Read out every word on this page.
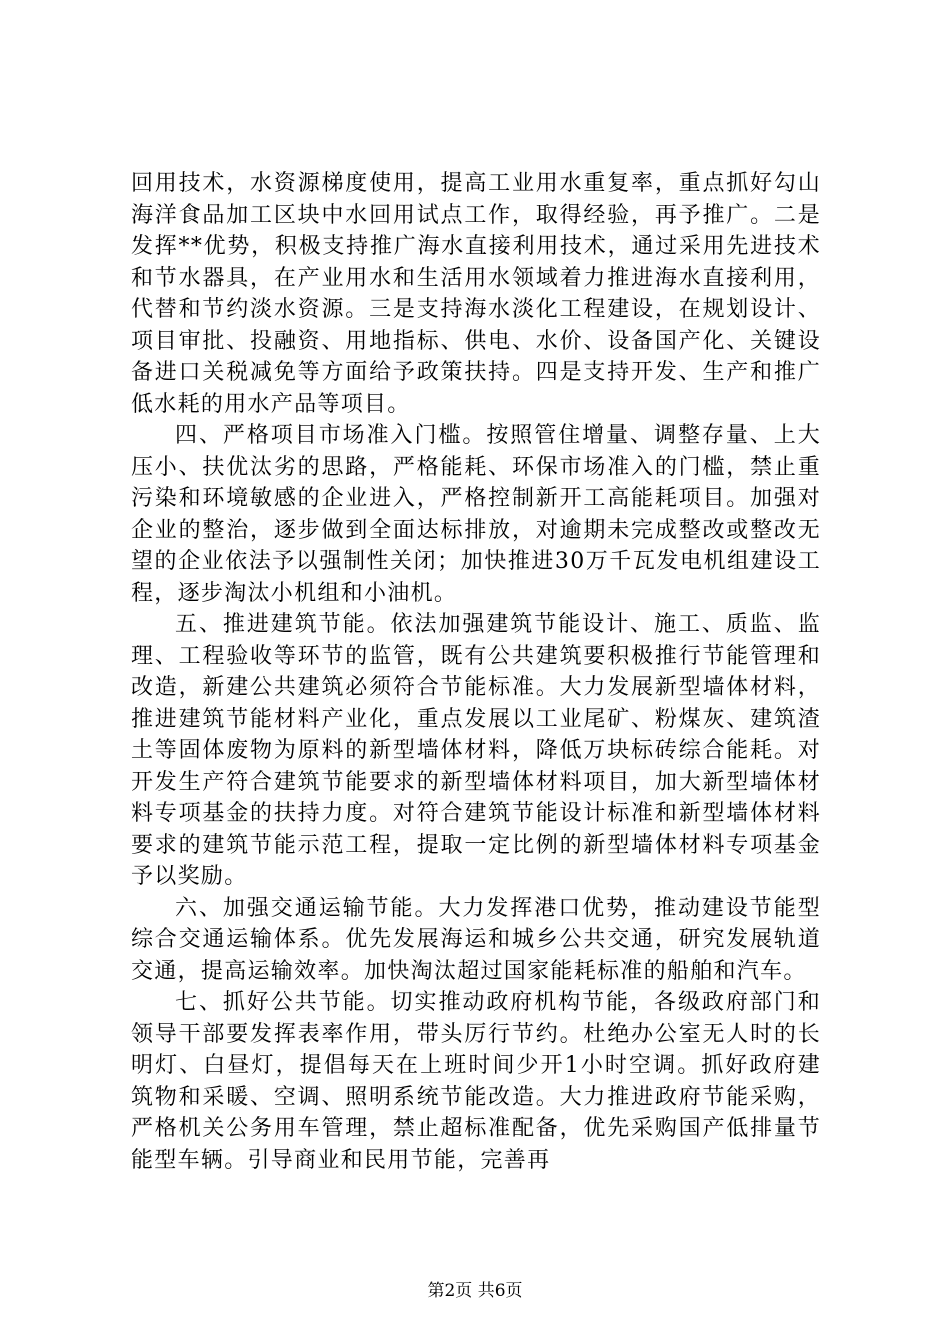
回用技术，水资源梯度使用，提高工业用水重复率，重点抓好勾山海洋食品加工区块中水回用试点工作，取得经验，再予推广。二是发挥**优势，积极支持推广海水直接利用技术，通过采用先进技术和节水器具，在产业用水和生活用水领域着力推进海水直接利用，代替和节约淡水资源。三是支持海水淡化工程建设，在规划设计、项目审批、投融资、用地指标、供电、水价、设备国产化、关键设备进口关税减免等方面给予政策扶持。四是支持开发、生产和推广低水耗的用水产品等项目。

四、严格项目市场准入门槛。按照管住增量、调整存量、上大压小、扶优汰劣的思路，严格能耗、环保市场准入的门槛，禁止重污染和环境敏感的企业进入，严格控制新开工高能耗项目。加强对企业的整治，逐步做到全面达标排放，对逾期未完成整改或整改无望的企业依法予以强制性关闭；加快推进30万千瓦发电机组建设工程，逐步淘汰小机组和小油机。

五、推进建筑节能。依法加强建筑节能设计、施工、质监、监理、工程验收等环节的监管，既有公共建筑要积极推行节能管理和改造，新建公共建筑必须符合节能标准。大力发展新型墙体材料，推进建筑节能材料产业化，重点发展以工业尾矿、粉煤灰、建筑渣土等固体废物为原料的新型墙体材料，降低万块标砖综合能耗。对开发生产符合建筑节能要求的新型墙体材料项目，加大新型墙体材料专项基金的扶持力度。对符合建筑节能设计标准和新型墙体材料要求的建筑节能示范工程，提取一定比例的新型墙体材料专项基金予以奖励。

六、加强交通运输节能。大力发挥港口优势，推动建设节能型综合交通运输体系。优先发展海运和城乡公共交通，研究发展轨道交通，提高运输效率。加快淘汰超过国家能耗标准的船舶和汽车。

七、抓好公共节能。切实推动政府机构节能，各级政府部门和领导干部要发挥表率作用，带头厉行节约。杜绝办公室无人时的长明灯、白昼灯，提倡每天在上班时间少开1小时空调。抓好政府建筑物和采暖、空调、照明系统节能改造。大力推进政府节能采购，严格机关公务用车管理，禁止超标准配备，优先采购国产低排量节能型车辆。引导商业和民用节能，完善再

第2页 共6页
